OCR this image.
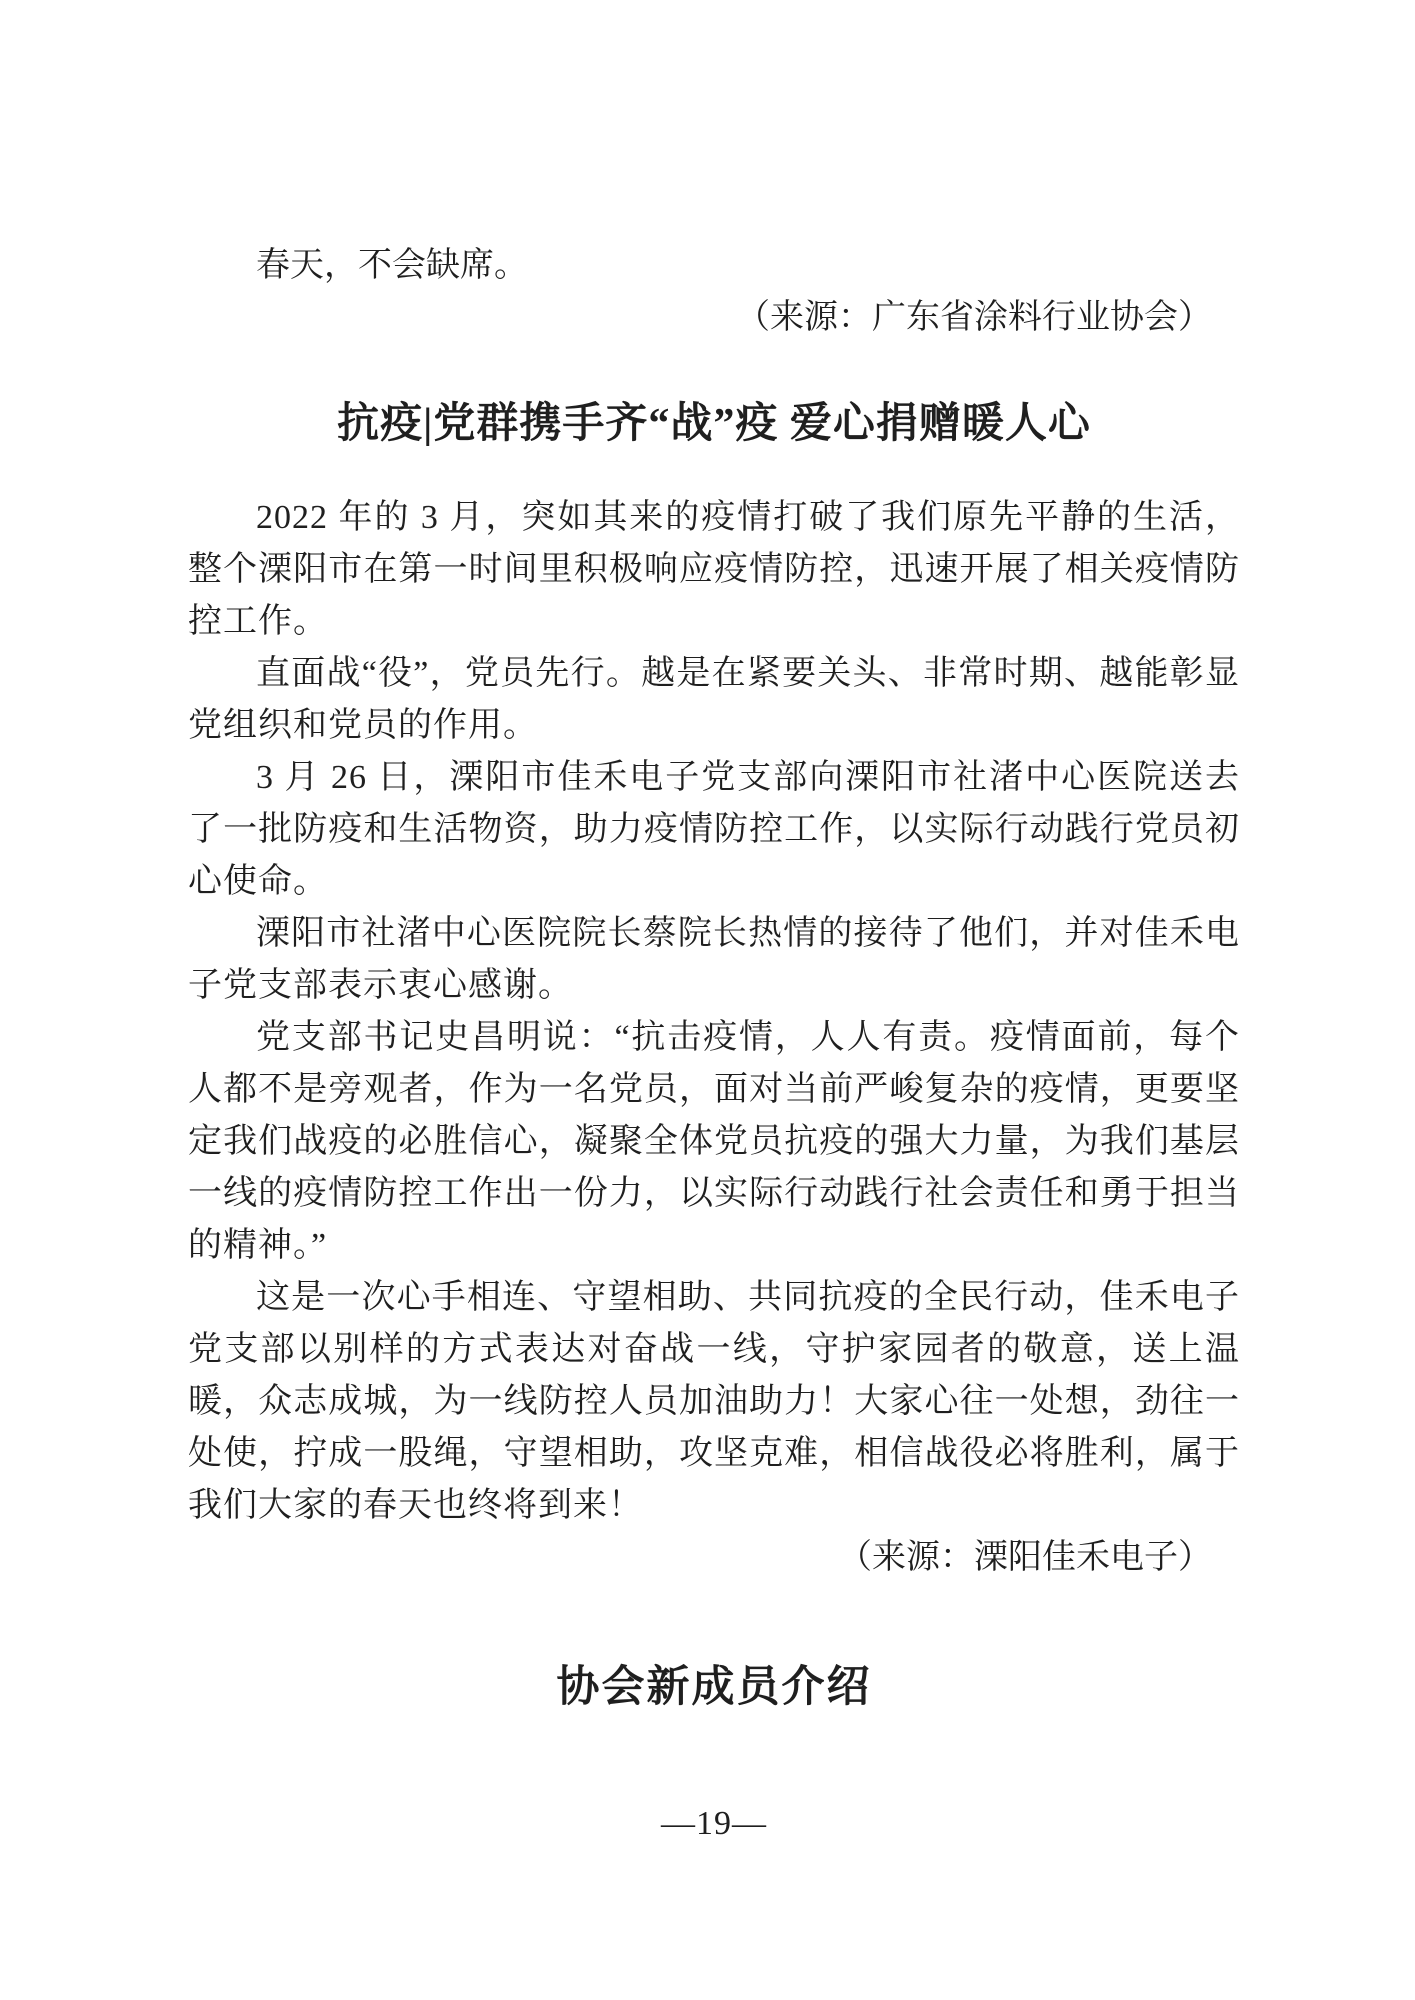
春天，不会缺席。

（来源：广东省涂料行业协会）

抗疫|党群携手齐“战”疫 爱心捐赠暖人心

2022 年的 3 月，突如其来的疫情打破了我们原先平静的生活，整个溧阳市在第一时间里积极响应疫情防控，迅速开展了相关疫情防控工作。

直面战“役”，党员先行。越是在紧要关头、非常时期、越能彰显党组织和党员的作用。

3 月 26 日，溧阳市佳禾电子党支部向溧阳市社渚中心医院送去了一批防疫和生活物资，助力疫情防控工作，以实际行动践行党员初心使命。

溧阳市社渚中心医院院长蔡院长热情的接待了他们，并对佳禾电子党支部表示衷心感谢。

党支部书记史昌明说：“抗击疫情，人人有责。疫情面前，每个人都不是旁观者，作为一名党员，面对当前严峻复杂的疫情，更要坚定我们战疫的必胜信心，凝聚全体党员抗疫的强大力量，为我们基层一线的疫情防控工作出一份力，以实际行动践行社会责任和勇于担当的精神。”

这是一次心手相连、守望相助、共同抗疫的全民行动，佳禾电子党支部以别样的方式表达对奋战一线，守护家园者的敬意，送上温暖，众志成城，为一线防控人员加油助力！大家心往一处想，劲往一处使，拧成一股绳，守望相助，攻坚克难，相信战役必将胜利，属于我们大家的春天也终将到来！

（来源：溧阳佳禾电子）

协会新成员介绍
—19—
